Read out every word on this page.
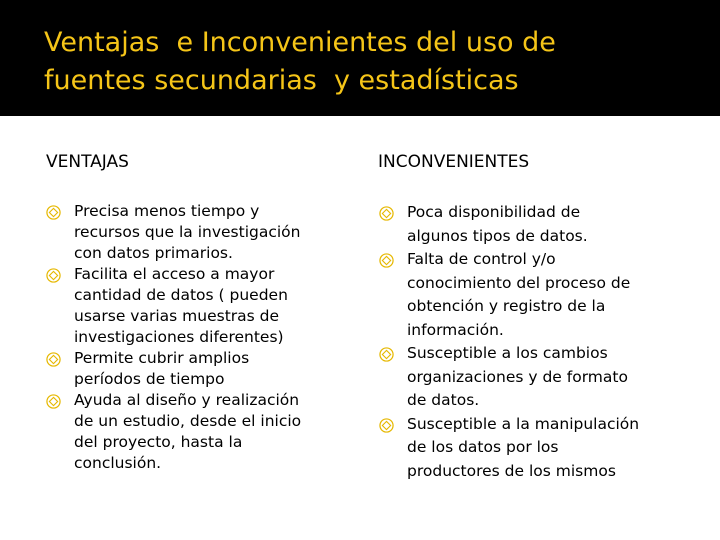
Ventajas  e Inconvenientes del uso de
fuentes secundarias  y estadísticas
VENTAJAS	INCONVENIENTES
Precisa menos tiempo y
recursos que la investigación
con datos primarios.
Facilita el acceso a mayor
cantidad de datos ( pueden
usarse varias muestras de
investigaciones diferentes)
Permite cubrir amplios
períodos de tiempo
Ayuda al diseño y realización
de un estudio, desde el inicio
del proyecto, hasta la
conclusión.
Poca disponibilidad de
algunos tipos de datos.
Falta de control y/o
conocimiento del proceso de
obtención y registro de la
información.
Susceptible a los cambios
organizaciones y de formato
de datos.
Susceptible a la manipulación
de los datos por los
productores de los mismos
